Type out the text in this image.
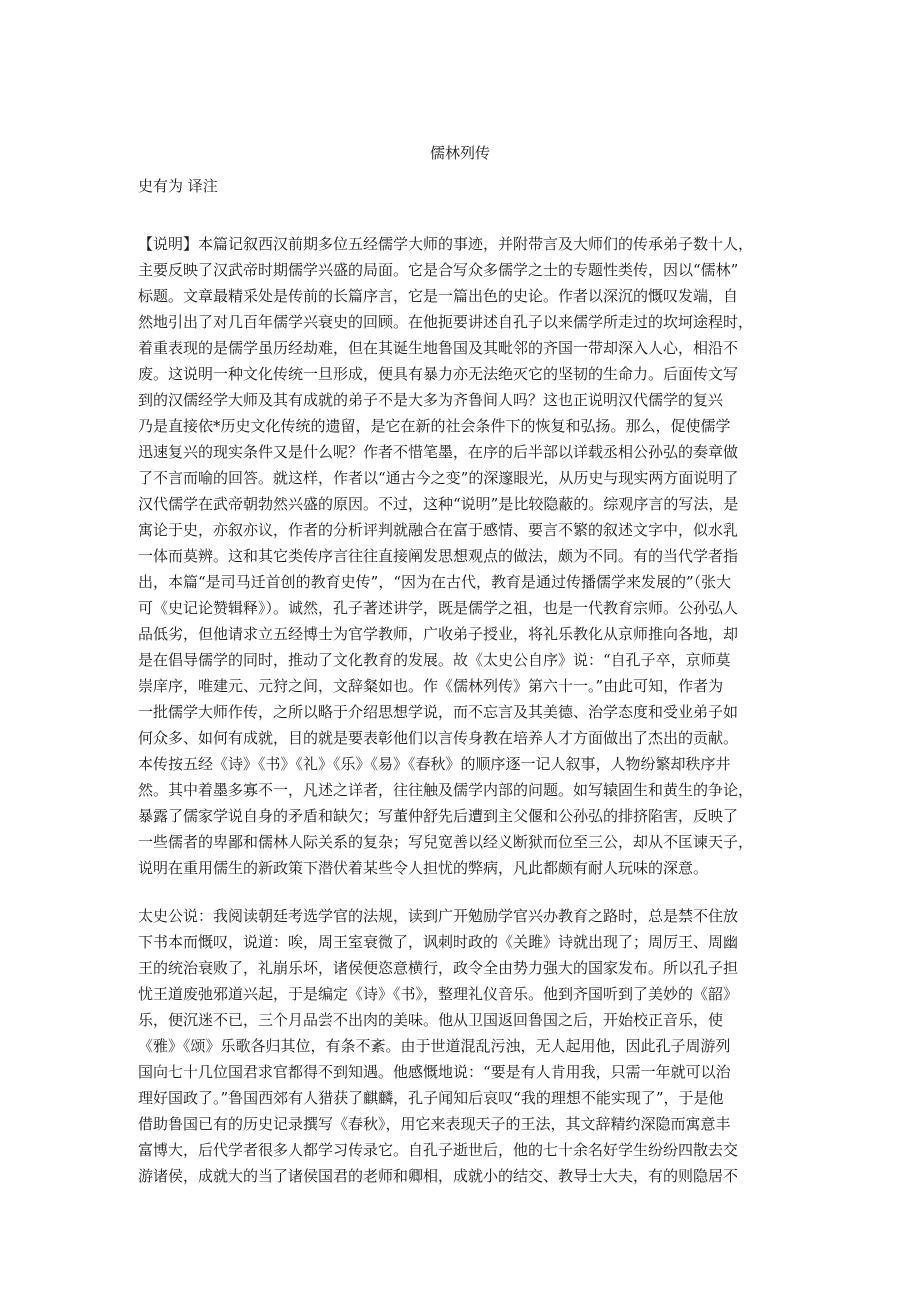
儒林列传
史有为 译注
【说明】本篇记叙西汉前期多位五经儒学大师的事迹，并附带言及大师们的传承弟子数十人，
主要反映了汉武帝时期儒学兴盛的局面。它是合写众多儒学之士的专题性类传，因以“儒林”
标题。文章最精采处是传前的长篇序言，它是一篇出色的史论。作者以深沉的慨叹发端，自
然地引出了对几百年儒学兴衰史的回顾。在他扼要讲述自孔子以来儒学所走过的坎坷途程时，
着重表现的是儒学虽历经劫难，但在其诞生地鲁国及其毗邻的齐国一带却深入人心，相沿不
废。这说明一种文化传统一旦形成，便具有暴力亦无法绝灭它的坚韧的生命力。后面传文写
到的汉儒经学大师及其有成就的弟子不是大多为齐鲁间人吗？这也正说明汉代儒学的复兴
乃是直接依*历史文化传统的遗留，是它在新的社会条件下的恢复和弘扬。那么，促使儒学
迅速复兴的现实条件又是什么呢？作者不惜笔墨，在序的后半部以详载丞相公孙弘的奏章做
了不言而喻的回答。就这样，作者以“通古今之变”的深邃眼光，从历史与现实两方面说明了
汉代儒学在武帝朝勃然兴盛的原因。不过，这种“说明”是比较隐蔽的。综观序言的写法，是
寓论于史，亦叙亦议，作者的分析评判就融合在富于感情、要言不繁的叙述文字中，似水乳
一体而莫辨。这和其它类传序言往往直接阐发思想观点的做法，颇为不同。有的当代学者指
出，本篇“是司马迁首创的教育史传”，“因为在古代，教育是通过传播儒学来发展的”（张大
可《史记论赞辑释》）。诚然，孔子著述讲学，既是儒学之祖，也是一代教育宗师。公孙弘人
品低劣，但他请求立五经博士为官学教师，广收弟子授业，将礼乐教化从京师推向各地，却
是在倡导儒学的同时，推动了文化教育的发展。故《太史公自序》说：“自孔子卒，京师莫
崇庠序，唯建元、元狩之间，文辞粲如也。作《儒林列传》第六十一。”由此可知，作者为
一批儒学大师作传，之所以略于介绍思想学说，而不忘言及其美德、治学态度和受业弟子如
何众多、如何有成就，目的就是要表彰他们以言传身教在培养人才方面做出了杰出的贡献。
本传按五经《诗》《书》《礼》《乐》《易》《春秋》的顺序逐一记人叙事，人物纷繁却秩序井
然。其中着墨多寡不一，凡述之详者，往往触及儒学内部的问题。如写辕固生和黄生的争论，
暴露了儒家学说自身的矛盾和缺欠；写董仲舒先后遭到主父偃和公孙弘的排挤陷害，反映了
一些儒者的卑鄙和儒林人际关系的复杂；写兒宽善以经义断狱而位至三公，却从不匡谏天子，
说明在重用儒生的新政策下潜伏着某些令人担忧的弊病，凡此都颇有耐人玩味的深意。
太史公说：我阅读朝廷考选学官的法规，读到广开勉励学官兴办教育之路时，总是禁不住放
下书本而慨叹，说道：唉，周王室衰微了，讽刺时政的《关雎》诗就出现了；周厉王、周幽
王的统治衰败了，礼崩乐坏，诸侯便恣意横行，政令全由势力强大的国家发布。所以孔子担
忧王道废弛邪道兴起，于是编定《诗》《书》，整理礼仪音乐。他到齐国听到了美妙的《韶》
乐，便沉迷不已，三个月品尝不出肉的美味。他从卫国返回鲁国之后，开始校正音乐，使
《雅》《颂》乐歌各归其位，有条不紊。由于世道混乱污浊，无人起用他，因此孔子周游列
国向七十几位国君求官都得不到知遇。他感慨地说：“要是有人肯用我，只需一年就可以治
理好国政了。”鲁国西郊有人猎获了麒麟，孔子闻知后哀叹“我的理想不能实现了”，于是他
借助鲁国已有的历史记录撰写《春秋》，用它来表现天子的王法，其文辞精约深隐而寓意丰
富博大，后代学者很多人都学习传录它。自孔子逝世后，他的七十余名好学生纷纷四散去交
游诸侯，成就大的当了诸侯国君的老师和卿相，成就小的结交、教导士大夫，有的则隐居不
